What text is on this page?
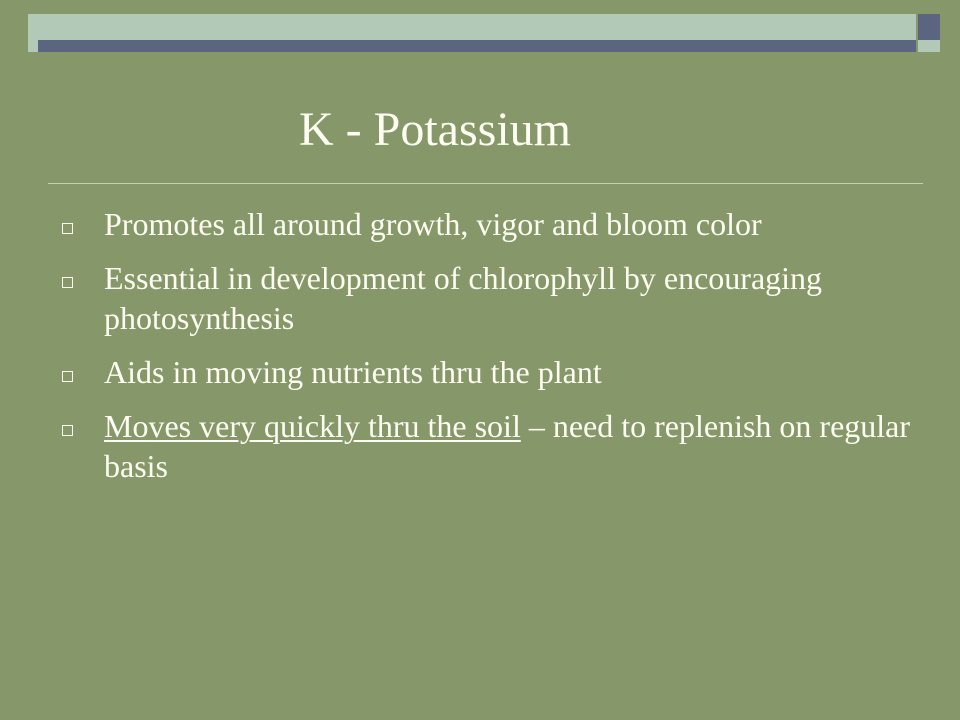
K - Potassium
Promotes all around growth, vigor and bloom color
Essential in development of chlorophyll by encouraging photosynthesis
Aids in moving nutrients thru the plant
Moves very quickly thru the soil – need to replenish on regular basis
